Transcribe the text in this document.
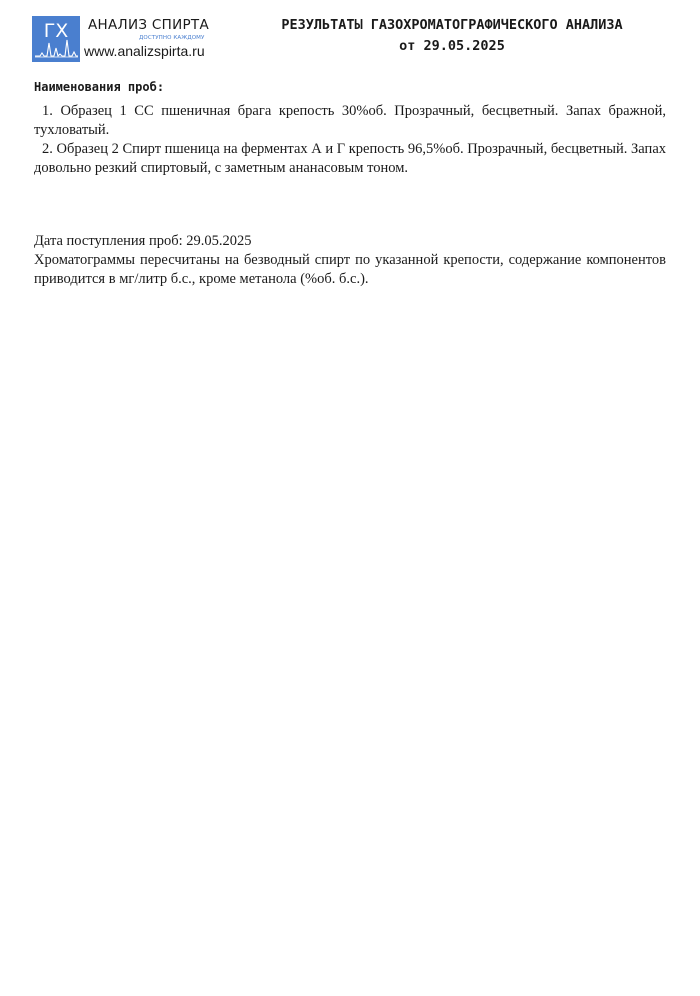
ГХ АНАЛИЗ СПИРТА
ДОСТУПНО КАЖДОМУ
www.analizspirta.ru
РЕЗУЛЬТАТЫ ГАЗОХРОМАТОГРАФИЧЕСКОГО АНАЛИЗА
от 29.05.2025
Наименования проб:
1. Образец 1 СС пшеничная брага крепость 30%об. Прозрачный, бесцветный. Запах бражной, тухловатый.
2. Образец 2 Спирт пшеница на ферментах А и Г крепость 96,5%об. Прозрачный, бесцветный. Запах довольно резкий спиртовый, с заметным ананасовым тоном.

Дата поступления проб: 29.05.2025

Хроматограммы пересчитаны на безводный спирт по указанной крепости, содержание компонентов приводится в мг/литр б.с., кроме метанола (%об. б.с.).
